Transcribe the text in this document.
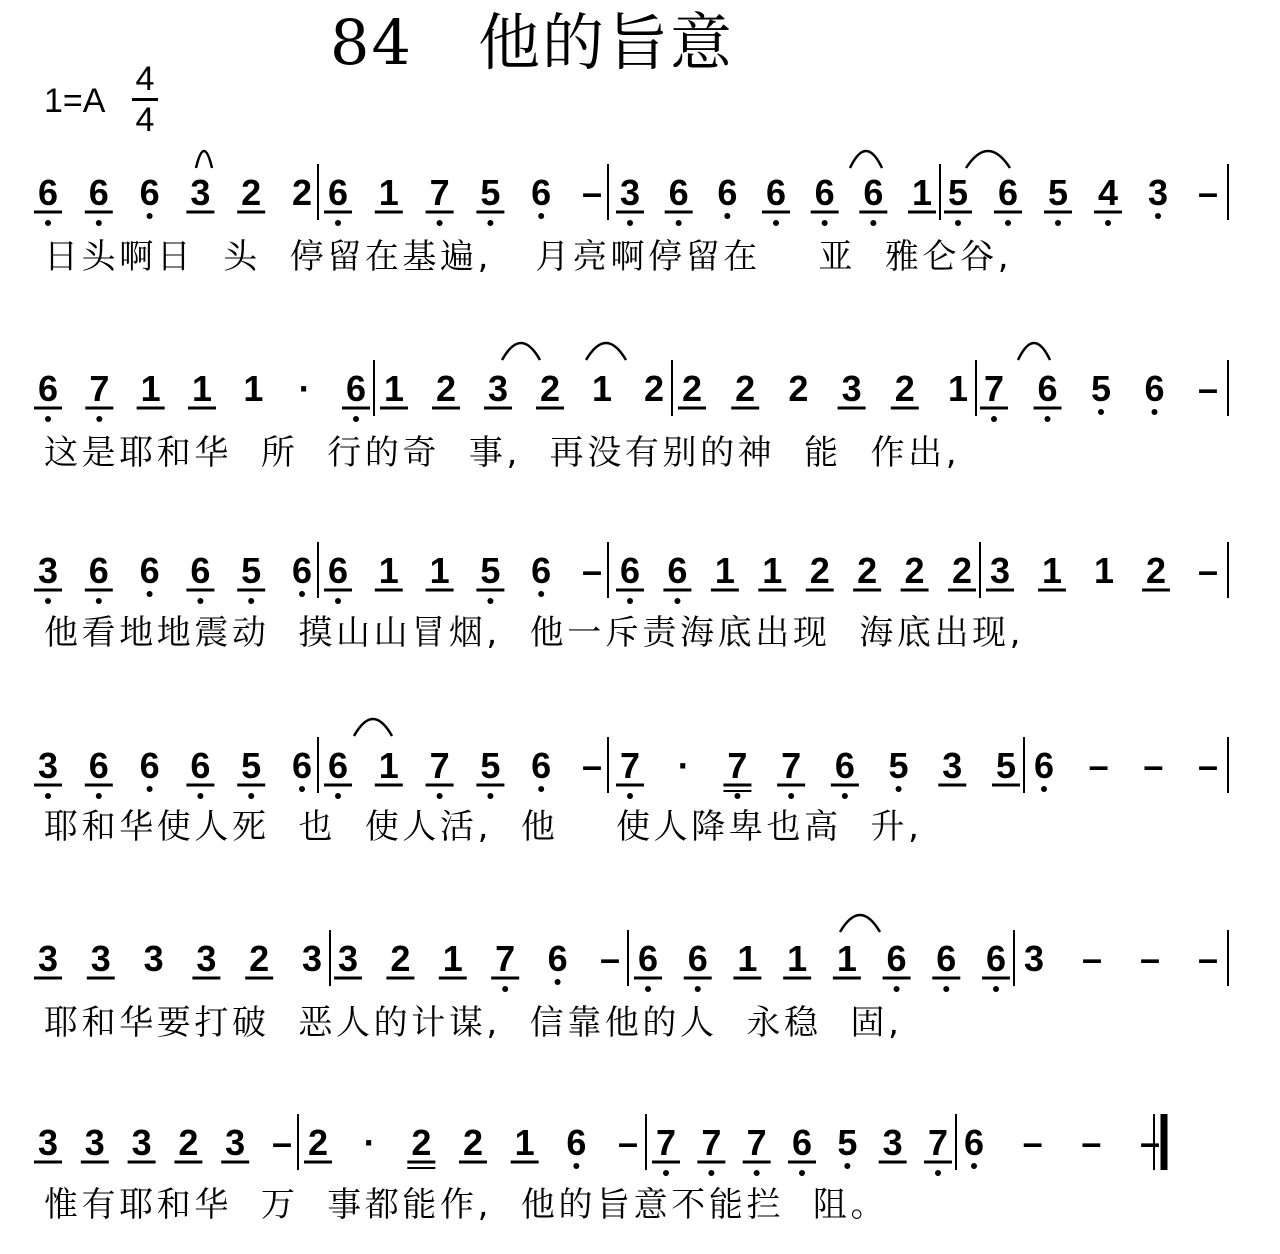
84   他的旨意
1=A
4
4
6 6 6 3 2 2 6 1 7 5 6 – 3 6 6 6 6 6 1 5 6 5 4 3 –
6 7 1 1 1 · 6 1 2 3 2 1 2 2 2 2 3 2 1 7 6 5 6 –
3 6 6 6 5 6 6 1 1 5 6 – 6 6 1 1 2 2 2 2 3 1 1 2 –
3 6 6 6 5 6 6 1 7 5 6 – 7 · 7 7 6 5 3 5 6 – – –
3 3 3 3 2 3 3 2 1 7 6 – 6 6 1 1 1 6 6 6 3 – – –
3 3 3 2 3 – 2 · 2 2 1 6 – 7 7 7 6 5 3 7 6 – – –
日头啊日  头  停留在基遍,   月亮啊停留在    亚  雅仑谷,
这是耶和华  所  行的奇  事,  再没有别的神  能  作出,
他看地地震动  摸山山冒烟,  他一斥责海底出现  海底出现,
耶和华使人死  也  使人活,  他    使人降卑也高  升,
耶和华要打破  恶人的计谋,  信靠他的人  永稳  固,
惟有耶和华  万  事都能作,  他的旨意不能拦  阻。
